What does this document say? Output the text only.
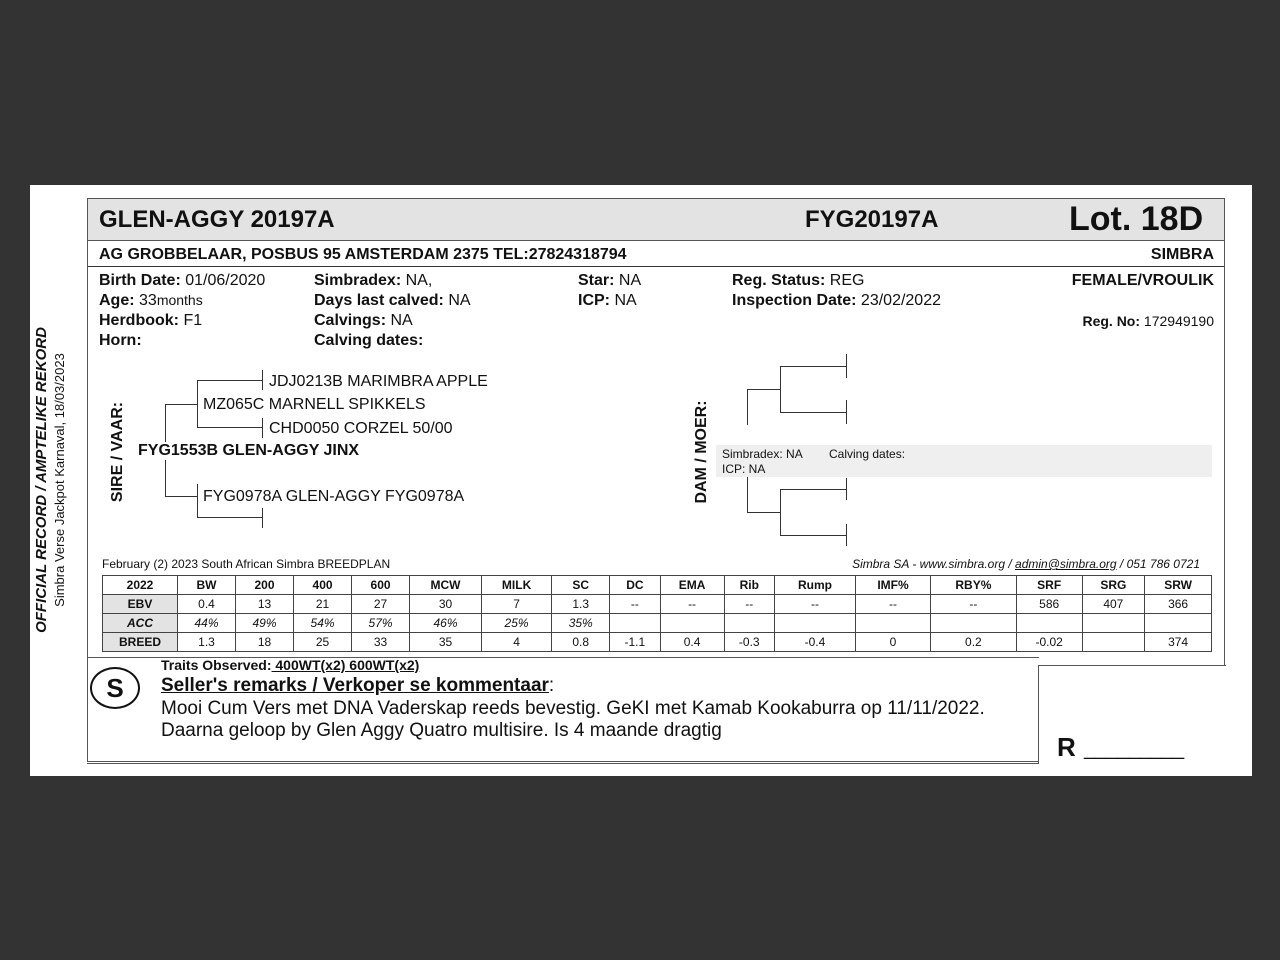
OFFICIAL RECORD / AMPTELIKE REKORD Simbra Verse Jackpot Karnaval, 18/03/2023
GLEN-AGGY 20197A	FYG20197A	Lot. 18D
AG GROBBELAAR, POSBUS 95 AMSTERDAM 2375 TEL:27824318794	SIMBRA
Birth Date: 01/06/2020
Age: 33months
Herdbook: F1
Horn:
Simbradex: NA,
Days last calved: NA
Calvings: NA
Calving dates:
Star: NA
ICP: NA
Reg. Status: REG
Inspection Date: 23/02/2022
FEMALE/VROULIK
Reg. No: 172949190
SIRE / VAAR:
JDJ0213B MARIMBRA APPLE
MZ065C MARNELL SPIKKELS
CHD0050 CORZEL 50/00
FYG1553B GLEN-AGGY JINX
FYG0978A GLEN-AGGY FYG0978A	DAM / MOER: Simbradex: NA Calving dates:
ICP: NA
February (2) 2023 South African Simbra BREEDPLAN	Simbra SA - www.simbra.org / admin@simbra.org / 051 786 0721
2022	BW	200	400	600	MCW	MILK	SC	DC	EMA	Rib	Rump	IMF%	RBY%	SRF	SRG	SRW
EBV	0.4	13	21	27	30	7	1.3	--	--	--	--	--	--	586	407	366
ACC	44%	49%	54%	57%	46%	25%	35%									
BREED	1.3	18	25	33	35	4	0.8	-1.1	0.4	-0.3	-0.4	0	0.2	-0.02		374
S
Traits Observed: 400WT(x2) 600WT(x2)
Seller's remarks / Verkoper se kommentaar:
Mooi Cum Vers met DNA Vaderskap reeds bevestig. GeKI met Kamab Kookaburra op 11/11/2022.
Daarna geloop by Glen Aggy Quatro multisire. Is 4 maande dragtig
R _________
